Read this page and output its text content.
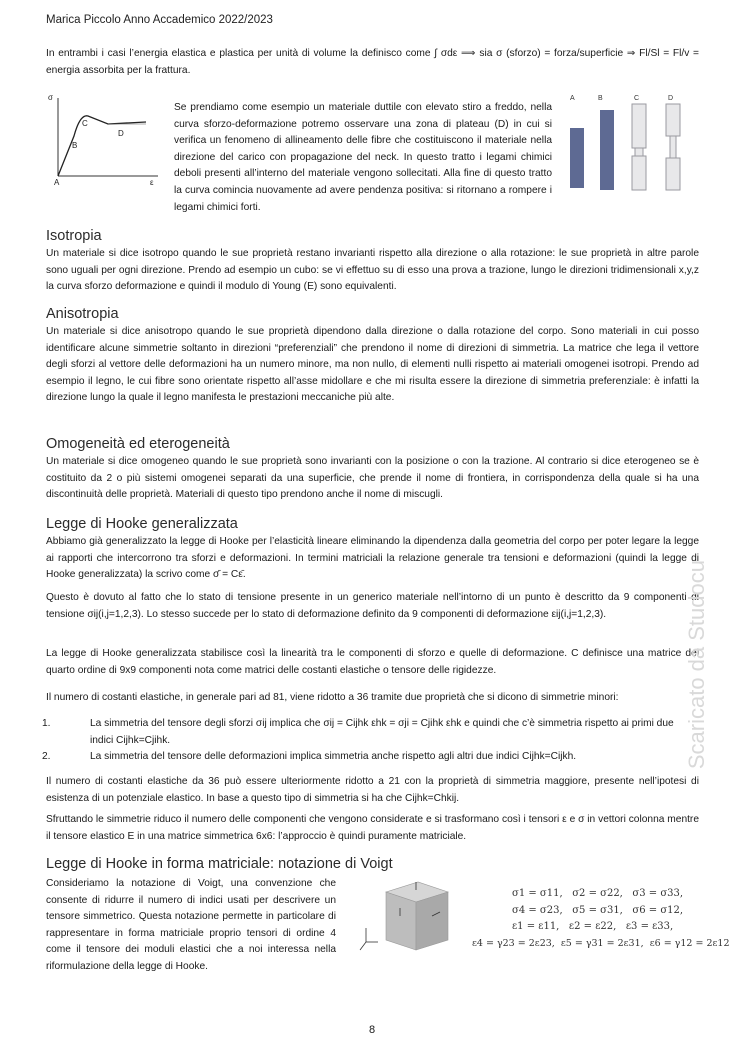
Marica Piccolo Anno Accademico 2022/2023
In entrambi i casi l’energia elastica e plastica per unità di volume la definisco come ∫ σdε ⟹ sia σ (sforzo) = forza/superficie ⇒ Fl/Sl = Fl/v = energia assorbita per la frattura.
σ
A
B
C
D
ε
Se prendiamo come esempio un materiale duttile con elevato stiro a freddo, nella curva sforzo-deformazione potremo osservare una zona di plateau (D) in cui si verifica un fenomeno di allineamento delle fibre che costituiscono il materiale nella direzione del carico con propagazione del neck. In questo tratto i legami chimici deboli presenti all’interno del materiale vengono sollecitati. Alla fine di questo tratto la curva comincia nuovamente ad avere pendenza positiva: si ritornano a rompere i legami chimici forti.
A	B	C	D
Isotropia
Un materiale si dice isotropo quando le sue proprietà restano invarianti rispetto alla direzione o alla rotazione: le sue proprietà in altre parole sono uguali per ogni direzione. Prendo ad esempio un cubo: se vi effettuo su di esso una prova a trazione, lungo le direzioni tridimensionali x,y,z la curva sforzo deformazione e quindi il modulo di Young (E) sono equivalenti.
Anisotropia
Un materiale si dice anisotropo quando le sue proprietà dipendono dalla direzione o dalla rotazione del corpo. Sono materiali in cui posso identificare alcune simmetrie soltanto in direzioni “preferenziali” che prendono il nome di direzioni di simmetria. La matrice che lega il vettore degli sforzi al vettore delle deformazioni ha un numero minore, ma non nullo, di elementi nulli rispetto ai materiali omogenei isotropi. Prendo ad esempio il legno, le cui fibre sono orientate rispetto all’asse midollare e che mi risulta essere la direzione di simmetria preferenziale: è infatti la direzione lungo la quale il legno manifesta le prestazioni meccaniche più alte.
Omogeneità ed eterogeneità
Un materiale si dice omogeneo quando le sue proprietà sono invarianti con la posizione o con la trazione. Al contrario si dice eterogeneo se è costituito da 2 o più sistemi omogenei separati da una superficie, che prende il nome di frontiera, in corrispondenza della quale si ha una discontinuità delle proprietà. Materiali di questo tipo prendono anche il nome di miscugli.
Legge di Hooke generalizzata
Abbiamo già generalizzato la legge di Hooke per l’elasticità lineare eliminando la dipendenza dalla geometria del corpo per poter legare la legge ai rapporti che intercorrono tra sforzi e deformazioni. In termini matriciali la relazione generale tra tensioni e deformazioni (quindi la legge di Hooke generalizzata) la scrivo come σ̄ = Cε̄.
Questo è dovuto al fatto che lo stato di tensione presente in un generico materiale nell’intorno di un punto è descritto da 9 componenti di tensione σij(i,j=1,2,3). Lo stesso succede per lo stato di deformazione definito da 9 componenti di deformazione εij(i,j=1,2,3).
La legge di Hooke generalizzata stabilisce così la linearità tra le componenti di sforzo e quelle di deformazione. C definisce una matrice del quarto ordine di 9x9 componenti nota come matrici delle costanti elastiche o tensore delle rigidezze.
Il numero di costanti elastiche, in generale pari ad 81, viene ridotto a 36 tramite due proprietà che si dicono di simmetrie minori:
1.	La simmetria del tensore degli sforzi σij implica che σij = Cijhk εhk = σji = Cjihk εhk e quindi che c’è simmetria rispetto ai primi due indici Cijhk=Cjihk.
2.	La simmetria del tensore delle deformazioni implica simmetria anche rispetto agli altri due indici Cijhk=Cijkh.
Il numero di costanti elastiche da 36 può essere ulteriormente ridotto a 21 con la proprietà di simmetria maggiore, presente nell’ipotesi di esistenza di un potenziale elastico. In base a questo tipo di simmetria si ha che Cijhk=Chkij.
Sfruttando le simmetrie riduco il numero delle componenti che vengono considerate e si trasformano così i tensori ε e σ in vettori colonna mentre il tensore elastico E in una matrice simmetrica 6x6: l’approccio è quindi puramente matriciale.
Legge di Hooke in forma matriciale: notazione di Voigt
Consideriamo la notazione di Voigt, una convenzione che consente di ridurre il numero di indici usati per descrivere un tensore simmetrico. Questa notazione permette in particolare di rappresentare in forma matriciale proprio tensori di ordine 4 come il tensore dei moduli elastici che a noi interessa nella riformulazione della legge di Hooke.
σ1 = σ11, σ2 = σ22, σ3 = σ33,
σ4 = σ23, σ5 = σ31, σ6 = σ12,
ε1 = ε11, ε2 = ε22, ε3 = ε33,
ε4 = γ23 = 2ε23, ε5 = γ31 = 2ε31, ε6 = γ12 = 2ε12
Scaricato da Studocu
8
